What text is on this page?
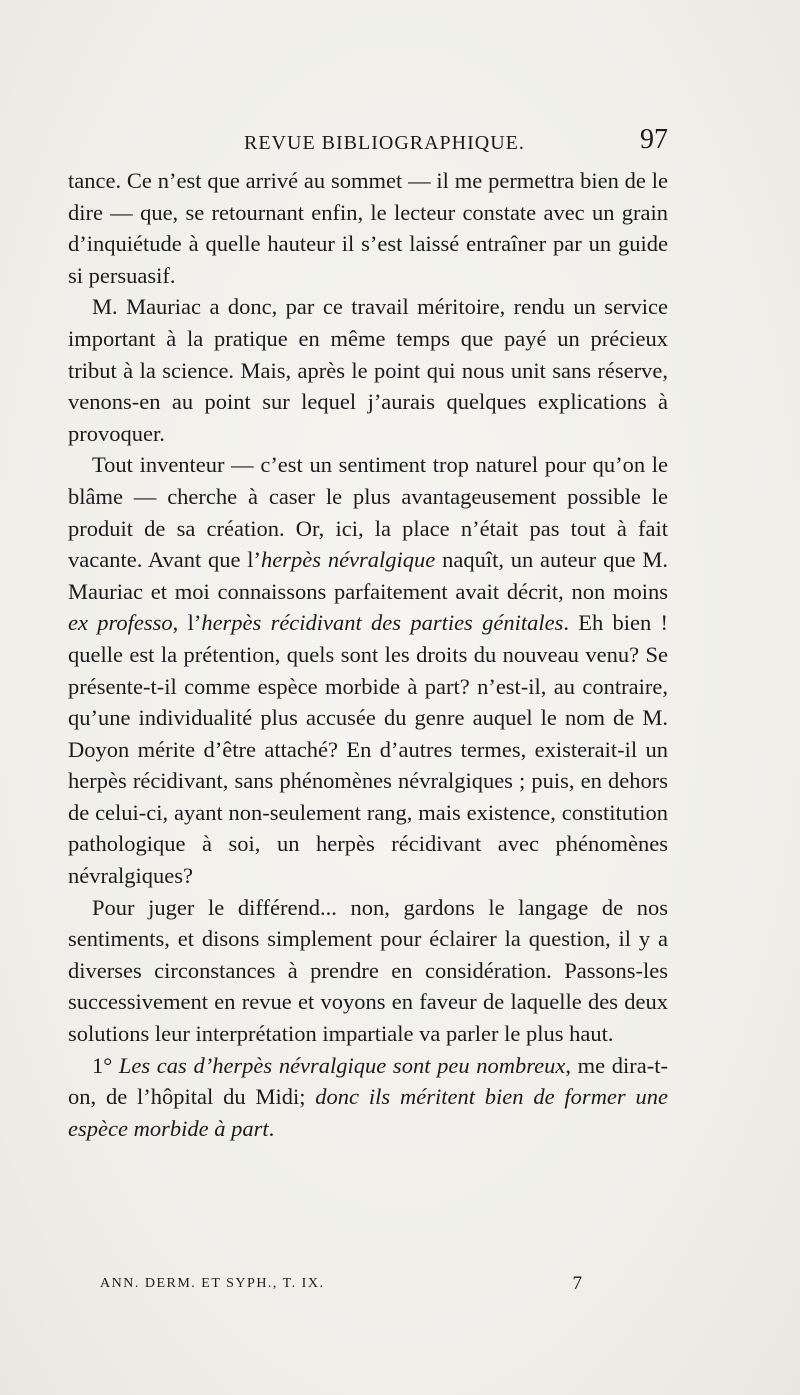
REVUE BIBLIOGRAPHIQUE.	97

tance. Ce n’est que arrivé au sommet — il me permettra bien de le dire — que, se retournant enfin, le lecteur constate avec un grain d’inquiétude à quelle hauteur il s’est laissé entraîner par un guide si persuasif.

M. Mauriac a donc, par ce travail méritoire, rendu un service important à la pratique en même temps que payé un précieux tribut à la science. Mais, après le point qui nous unit sans réserve, venons-en au point sur lequel j’aurais quelques explications à provoquer.

Tout inventeur — c’est un sentiment trop naturel pour qu’on le blâme — cherche à caser le plus avantageusement possible le produit de sa création. Or, ici, la place n’était pas tout à fait vacante. Avant que l’herpès névralgique naquît, un auteur que M. Mauriac et moi connaissons parfaitement avait décrit, non moins ex professo, l’herpès récidivant des parties génitales. Eh bien ! quelle est la prétention, quels sont les droits du nouveau venu? Se présente-t-il comme espèce morbide à part? n’est-il, au contraire, qu’une individualité plus accusée du genre auquel le nom de M. Doyon mérite d’être attaché? En d’autres termes, existerait-il un herpès récidivant, sans phénomènes névralgiques ; puis, en dehors de celui-ci, ayant non-seulement rang, mais existence, constitution pathologique à soi, un herpès récidivant avec phénomènes névralgiques?

Pour juger le différend... non, gardons le langage de nos sentiments, et disons simplement pour éclairer la question, il y a diverses circonstances à prendre en considération. Passons-les successivement en revue et voyons en faveur de laquelle des deux solutions leur interprétation impartiale va parler le plus haut.

1° Les cas d’herpès névralgique sont peu nombreux, me dira-t-on, de l’hôpital du Midi; donc ils méritent bien de former une espèce morbide à part.

ANN. DERM. ET SYPH., T. IX.	7
